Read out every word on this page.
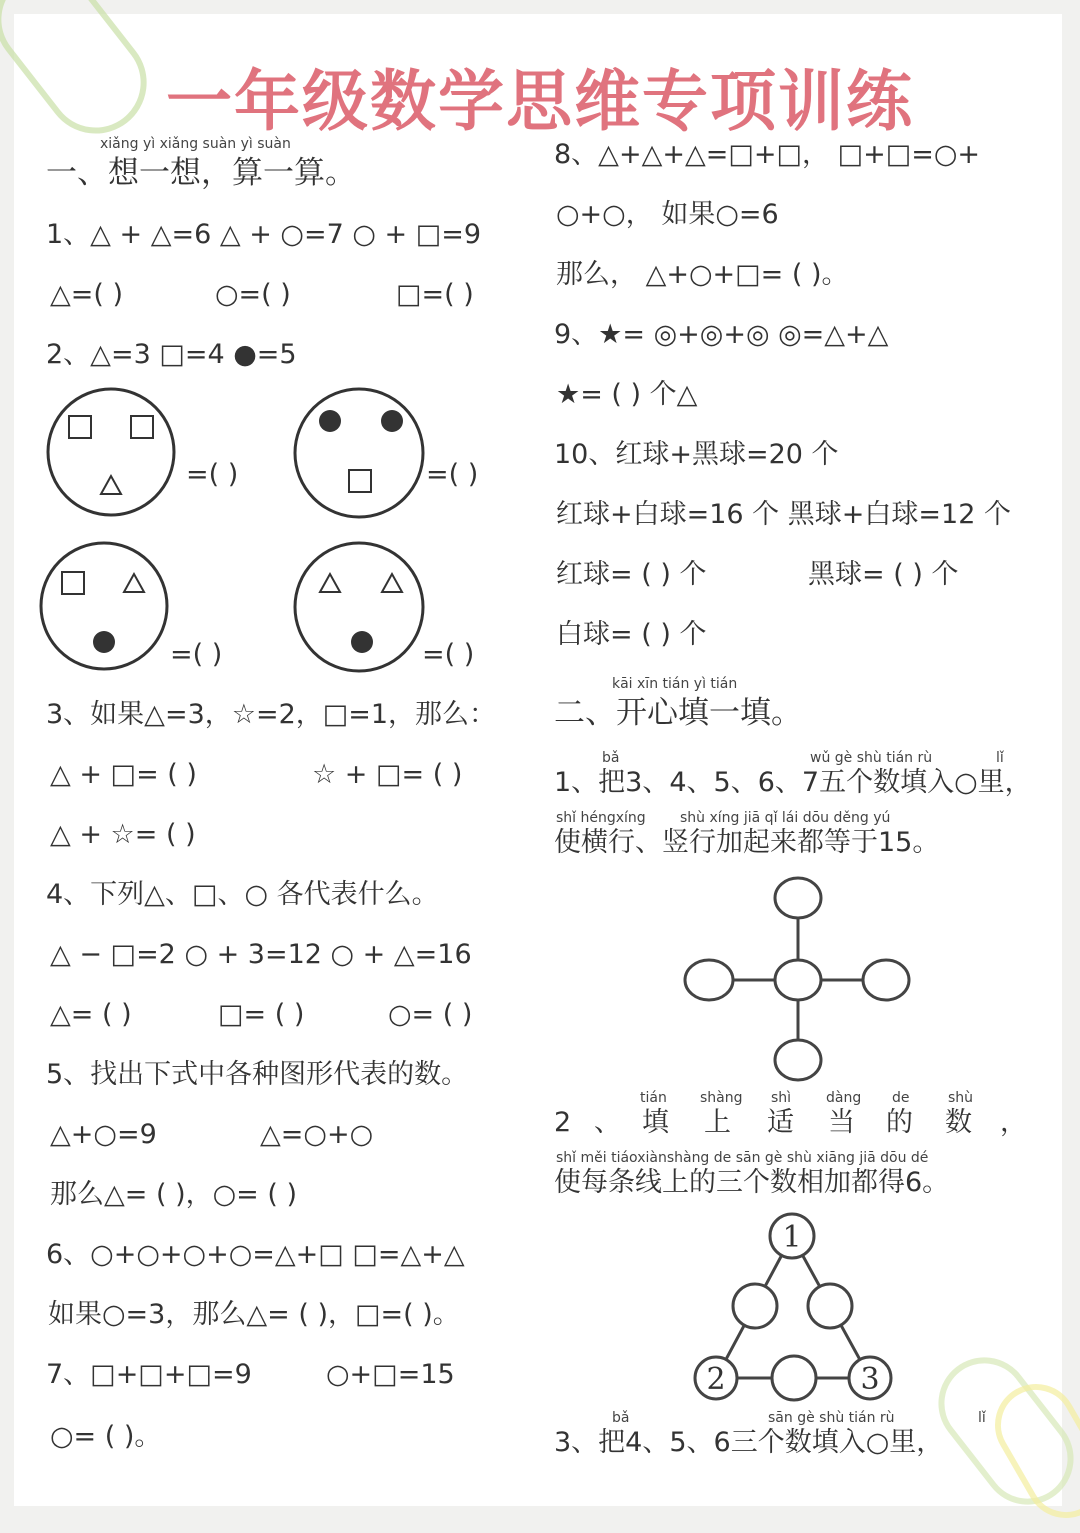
一年级数学思维专项训练
xiǎng yì xiǎng suàn yì suàn
一、想一想，算一算。
1、△ + △=6 △ + ○=7 ○ + □=9
△=( )	○=( )	□=( )
2、△=3 □=4 ●=5
=( )	=( )
=( )	=( )
3、如果△=3，☆=2，□=1，那么：
△ + □= ( )	☆ + □= ( )
△ + ☆= ( )
4、下列△、□、○ 各代表什么。
△ − □=2 ○ + 3=12 ○ + △=16
△= ( )	□= ( )	○= ( )
5、找出下式中各种图形代表的数。
△+○=9	△=○+○
那么△= ( )，○= ( )
6、○+○+○+○=△+□ □=△+△
如果○=3，那么△= ( )，□=( )。
7、□+□+□=9	○+□=15
○= ( )。
8、△+△+△=□+□， □+□=○+
○+○， 如果○=6
那么， △+○+□= ( )。
9、★= ◎+◎+◎ ◎=△+△
★= ( ) 个△
10、红球+黑球=20 个
红球+白球=16 个 黑球+白球=12 个
红球= ( ) 个	黑球= ( ) 个
白球= ( ) 个
kāi xīn tián yì tián
二、开心填一填。
bǎ	wǔ gè shù tián rù	lǐ
1、把3、4、5、6、7五个数填入○里，
shǐ héngxíng shù xíng jiā qǐ lái dōu děng yú
使横行、竖行加起来都等于15。
tián shàng shì dàng de	shù
2 、 填 上 适 当 的 数 ，
shǐ měi tiáoxiànshàng de sān gè shù xiāng jiā dōu dé
使每条线上的三个数相加都得6。
1
2	3
bǎ	sān gè shù tián rù	lǐ
3、把4、5、6三个数填入○里，
